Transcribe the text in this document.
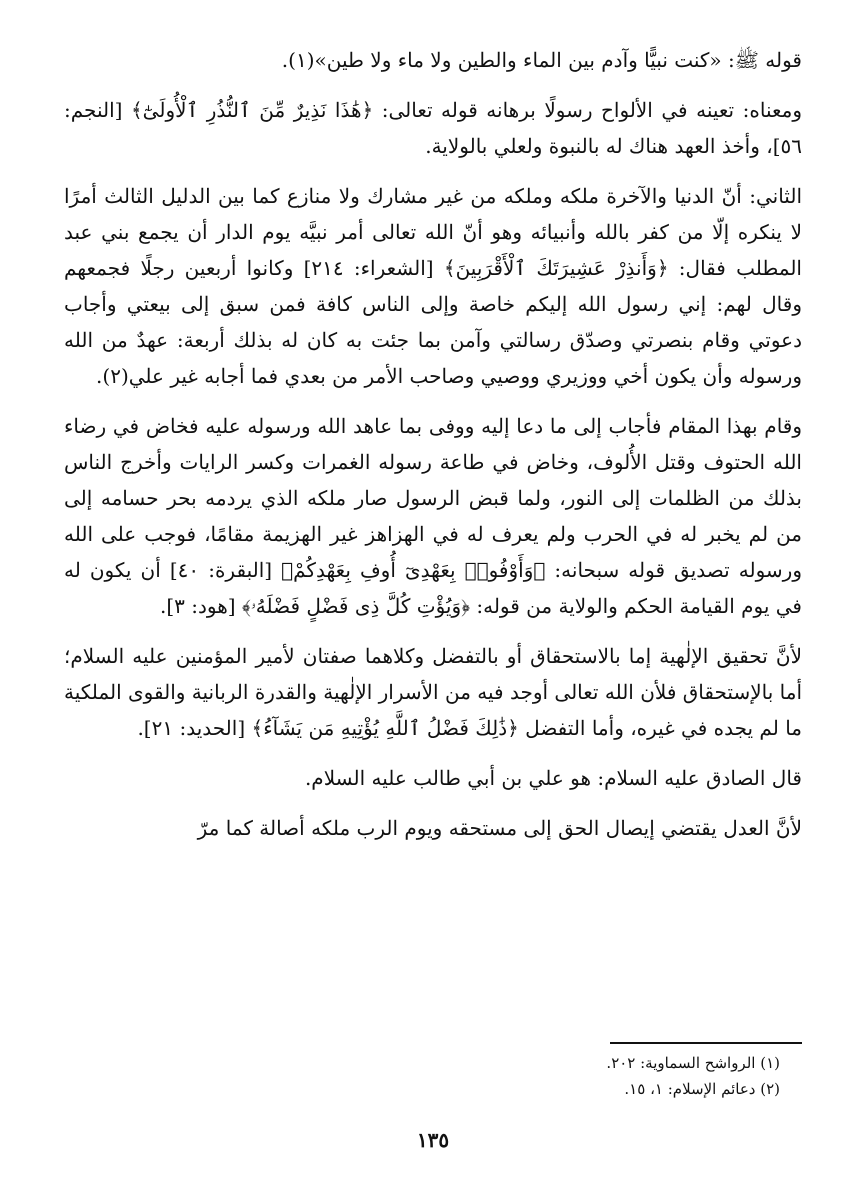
قوله ﷺ: «كنت نبيًّا وآدم بين الماء والطين ولا ماء ولا طين»(١).

ومعناه: تعينه في الألواح رسولًا برهانه قوله تعالى: ﴿هَٰذَا نَذِيرٌ مِّنَ ٱلنُّذُرِ ٱلْأُولَىٰٓ﴾ [النجم: ٥٦]، وأخذ العهد هناك له بالنبوة ولعلي بالولاية.

الثاني: أنّ الدنيا والآخرة ملكه وملكه من غير مشارك ولا منازع كما بين الدليل الثالث أمرًا لا ينكره إلّا من كفر بالله وأنبيائه وهو أنّ الله تعالى أمر نبيَّه يوم الدار أن يجمع بني عبد المطلب فقال: ﴿وَأَنذِرْ عَشِيرَتَكَ ٱلْأَقْرَبِينَ﴾ [الشعراء: ٢١٤] وكانوا أربعين رجلًا فجمعهم وقال لهم: إني رسول الله إليكم خاصة وإلى الناس كافة فمن سبق إلى بيعتي وأجاب دعوتي وقام بنصرتي وصدّق رسالتي وآمن بما جئت به كان له بذلك أربعة: عهدٌ من الله ورسوله وأن يكون أخي ووزيري ووصيي وصاحب الأمر من بعدي فما أجابه غير علي(٢).

وقام بهذا المقام فأجاب إلى ما دعا إليه ووفى بما عاهد الله ورسوله عليه فخاض في رضاء الله الحتوف وقتل الأُلوف، وخاض في طاعة رسوله الغمرات وكسر الرايات وأخرج الناس بذلك من الظلمات إلى النور، ولما قبض الرسول صار ملكه الذي يردمه بحر حسامه إلى من لم يخبر له في الحرب ولم يعرف له في الهزاهز غير الهزيمة مقامًا، فوجب على الله ورسوله تصديق قوله سبحانه: ﴿وَأَوْفُوا۟ بِعَهْدِىٓ أُوفِ بِعَهْدِكُمْ﴾ [البقرة: ٤٠] أن يكون له في يوم القيامة الحكم والولاية من قوله: ﴿وَيُؤْتِ كُلَّ ذِى فَضْلٍ فَضْلَهُۥ﴾ [هود: ٣].

لأنَّ تحقيق الإلٰهية إما بالاستحقاق أو بالتفضل وكلاهما صفتان لأمير المؤمنين عليه السلام؛ أما بالإستحقاق فلأن الله تعالى أوجد فيه من الأسرار الإلٰهية والقدرة الربانية والقوى الملكية ما لم يجده في غيره، وأما التفضل ﴿ذَٰلِكَ فَضْلُ ٱللَّهِ يُؤْتِيهِ مَن يَشَآءُ﴾ [الحديد: ٢١].

قال الصادق عليه السلام: هو علي بن أبي طالب عليه السلام.

لأنَّ العدل يقتضي إيصال الحق إلى مستحقه ويوم الرب ملكه أصالة كما مرّ

(١) الرواشح السماوية: ٢٠٢.
(٢) دعائم الإسلام: ١، ١٥.
١٣٥
